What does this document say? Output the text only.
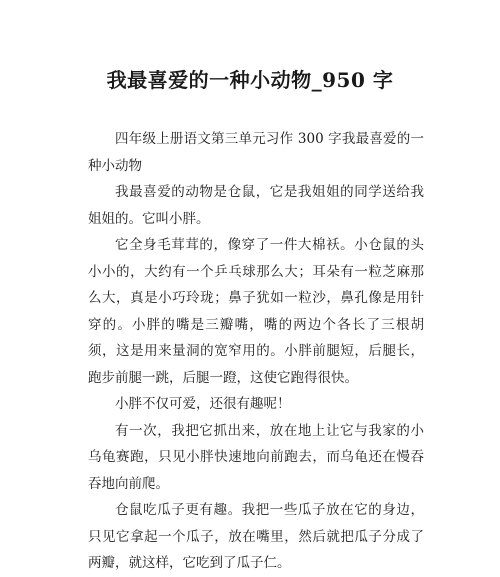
我最喜爱的一种小动物_950 字

四年级上册语文第三单元习作 300 字我最喜爱的一种小动物

我最喜爱的动物是仓鼠，它是我姐姐的同学送给我姐姐的。它叫小胖。

它全身毛茸茸的，像穿了一件大棉袄。小仓鼠的头小小的，大约有一个乒乓球那么大；耳朵有一粒芝麻那么大，真是小巧玲珑；鼻子犹如一粒沙，鼻孔像是用针穿的。小胖的嘴是三瓣嘴，嘴的两边个各长了三根胡须，这是用来量洞的宽窄用的。小胖前腿短，后腿长，跑步前腿一跳，后腿一蹬，这使它跑得很快。

小胖不仅可爱，还很有趣呢！

有一次，我把它抓出来，放在地上让它与我家的小乌龟赛跑，只见小胖快速地向前跑去，而乌龟还在慢吞吞地向前爬。

仓鼠吃瓜子更有趣。我把一些瓜子放在它的身边，只见它拿起一个瓜子，放在嘴里，然后就把瓜子分成了两瓣，就这样，它吃到了瓜子仁。
